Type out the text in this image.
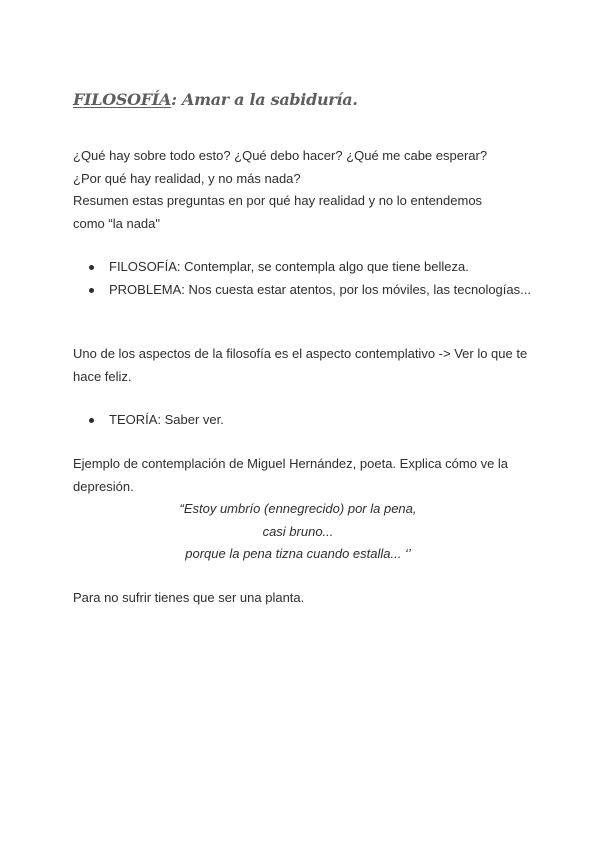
FILOSOFÍA: Amar a la sabiduría.

¿Qué hay sobre todo esto? ¿Qué debo hacer? ¿Qué me cabe esperar?
¿Por qué hay realidad, y no más nada?
Resumen estas preguntas en por qué hay realidad y no lo entendemos
como “la nada"

FILOSOFÍA: Contemplar, se contempla algo que tiene belleza.
PROBLEMA: Nos cuesta estar atentos, por los móviles, las tecnologías...

Uno de los aspectos de la filosofía es el aspecto contemplativo -> Ver lo que te hace feliz.

TEORÍA: Saber ver.

Ejemplo de contemplación de Miguel Hernández, poeta. Explica cómo ve la depresión.

“Estoy umbrío (ennegrecido) por la pena,
casi bruno...
porque la pena tizna cuando estalla... ‘’

Para no sufrir tienes que ser una planta.
